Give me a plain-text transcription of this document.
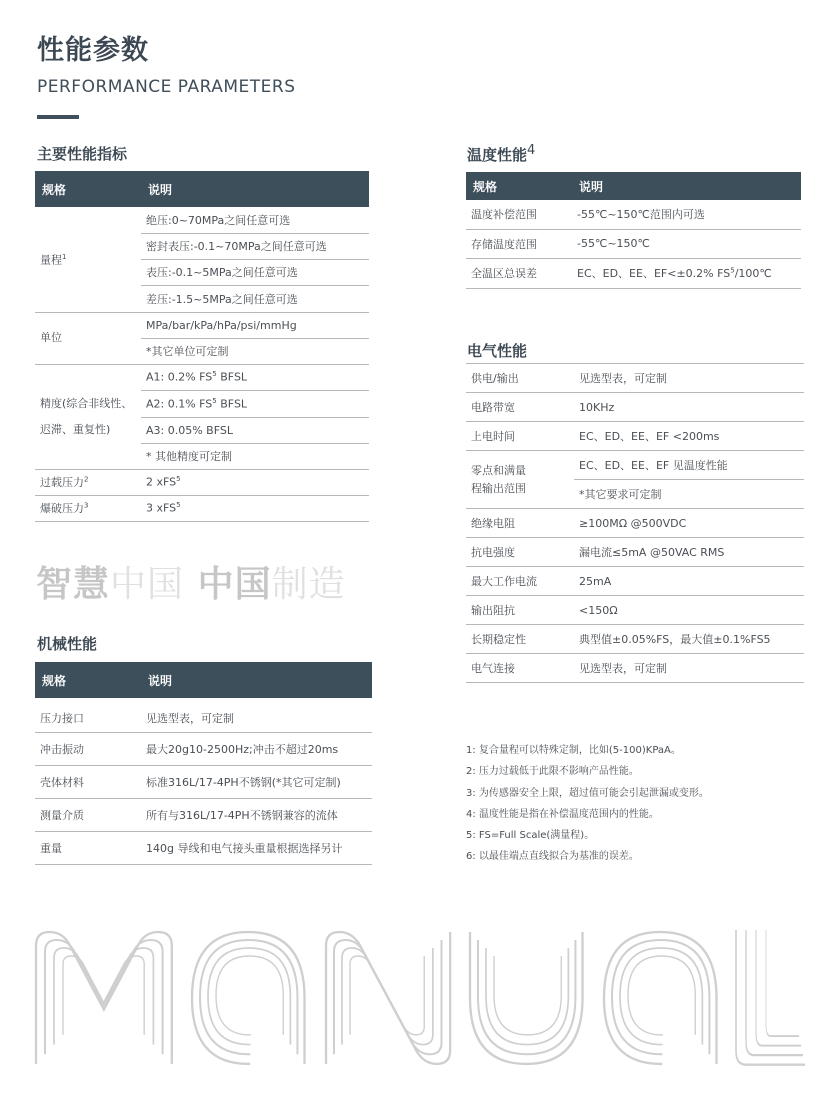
性能参数
PERFORMANCE PARAMETERS
主要性能指标
规格	说明
量程$^1$	绝压:0~70MPa之间任意可选
	密封表压:-0.1~70MPa之间任意可选
	表压:-0.1~5MPa之间任意可选
	差压:-1.5~5MPa之间任意可选
单位	MPa/bar/kPa/hPa/psi/mmHg
	*其它单位可定制
精度(综合非线性、
迟滞、重复性)	A1: 0.2% $FS^5$ BFSL
	A2: 0.1% $FS^5$ BFSL
	A3: 0.05% BFSL
	* 其他精度可定制
过载压力$^2$	2 xFS$^5$
爆破压力$^3$	3 xFS$^5$
智慧中国 中国制造
机械性能
规格	说明
压力接口	见选型表，可定制
冲击振动	最大20g10-2500Hz;冲击不超过20ms
壳体材料	标准316L/17-4PH不锈钢(*其它可定制)
测量介质	所有与316L/17-4PH不锈钢兼容的流体
重量	140g 导线和电气接头重量根据选择另计
温度性能$^4$
规格	说明
温度补偿范围	-55℃~150℃范围内可选
存储温度范围	-55℃~150℃
全温区总误差	EC、ED、EE、EF<±0.2% $FS^5/100℃$
电气性能
供电/输出	见选型表，可定制
电路带宽	10KHz
上电时间	EC、ED、EE、EF <200ms
零点和满量
程输出范围	EC、ED、EE、EF 见温度性能
	*其它要求可定制
绝缘电阻	≥100MΩ @500VDC
抗电强度	漏电流≤5mA @50VAC RMS
最大工作电流	25mA
输出阻抗	<150Ω
长期稳定性	典型值±0.05%FS，最大值±0.1%FS5
电气连接	见选型表，可定制
1: 复合量程可以特殊定制，比如(5-100)KPaA。
2: 压力过载低于此限不影响产品性能。
3: 为传感器安全上限，超过值可能会引起泄漏或变形。
4: 温度性能是指在补偿温度范围内的性能。
5: FS=Full Scale(满量程)。
6: 以最佳端点直线拟合为基准的误差。
